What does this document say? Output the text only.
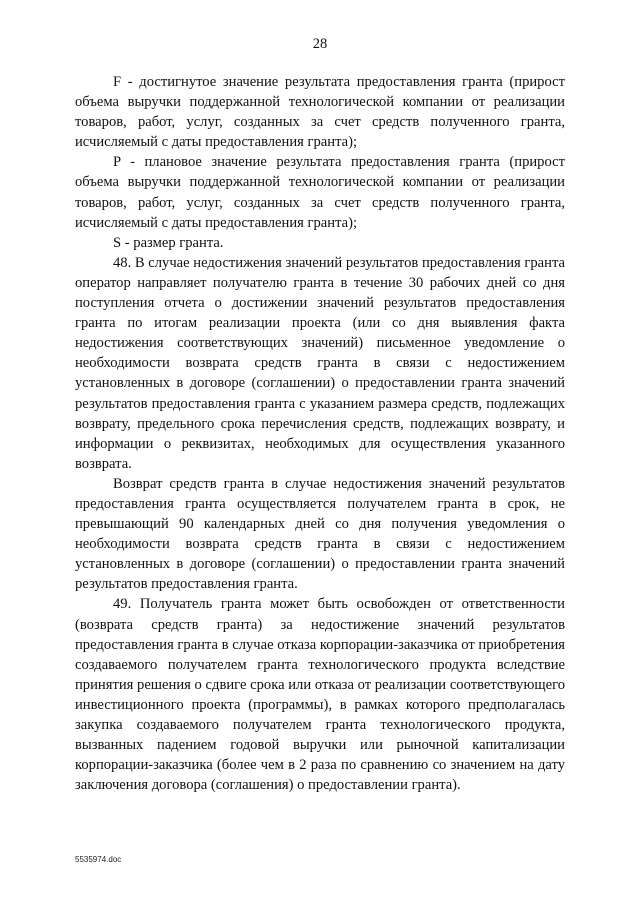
28

F - достигнутое значение результата предоставления гранта (прирост объема выручки поддержанной технологической компании от реализации товаров, работ, услуг, созданных за счет средств полученного гранта, исчисляемый с даты предоставления гранта);

P - плановое значение результата предоставления гранта (прирост объема выручки поддержанной технологической компании от реализации товаров, работ, услуг, созданных за счет средств полученного гранта, исчисляемый с даты предоставления гранта);

S - размер гранта.

48. В случае недостижения значений результатов предоставления гранта оператор направляет получателю гранта в течение 30 рабочих дней со дня поступления отчета о достижении значений результатов предоставления гранта по итогам реализации проекта (или со дня выявления факта недостижения соответствующих значений) письменное уведомление о необходимости возврата средств гранта в связи с недостижением установленных в договоре (соглашении) о предоставлении гранта значений результатов предоставления гранта с указанием размера средств, подлежащих возврату, предельного срока перечисления средств, подлежащих возврату, и информации о реквизитах, необходимых для осуществления указанного возврата.

Возврат средств гранта в случае недостижения значений результатов предоставления гранта осуществляется получателем гранта в срок, не превышающий 90 календарных дней со дня получения уведомления о необходимости возврата средств гранта в связи с недостижением установленных в договоре (соглашении) о предоставлении гранта значений результатов предоставления гранта.

49. Получатель гранта может быть освобожден от ответственности (возврата средств гранта) за недостижение значений результатов предоставления гранта в случае отказа корпорации-заказчика от приобретения создаваемого получателем гранта технологического продукта вследствие принятия решения о сдвиге срока или отказа от реализации соответствующего инвестиционного проекта (программы), в рамках которого предполагалась закупка создаваемого получателем гранта технологического продукта, вызванных падением годовой выручки или рыночной капитализации корпорации-заказчика (более чем в 2 раза по сравнению со значением на дату заключения договора (соглашения) о предоставлении гранта).

5535974.doc
